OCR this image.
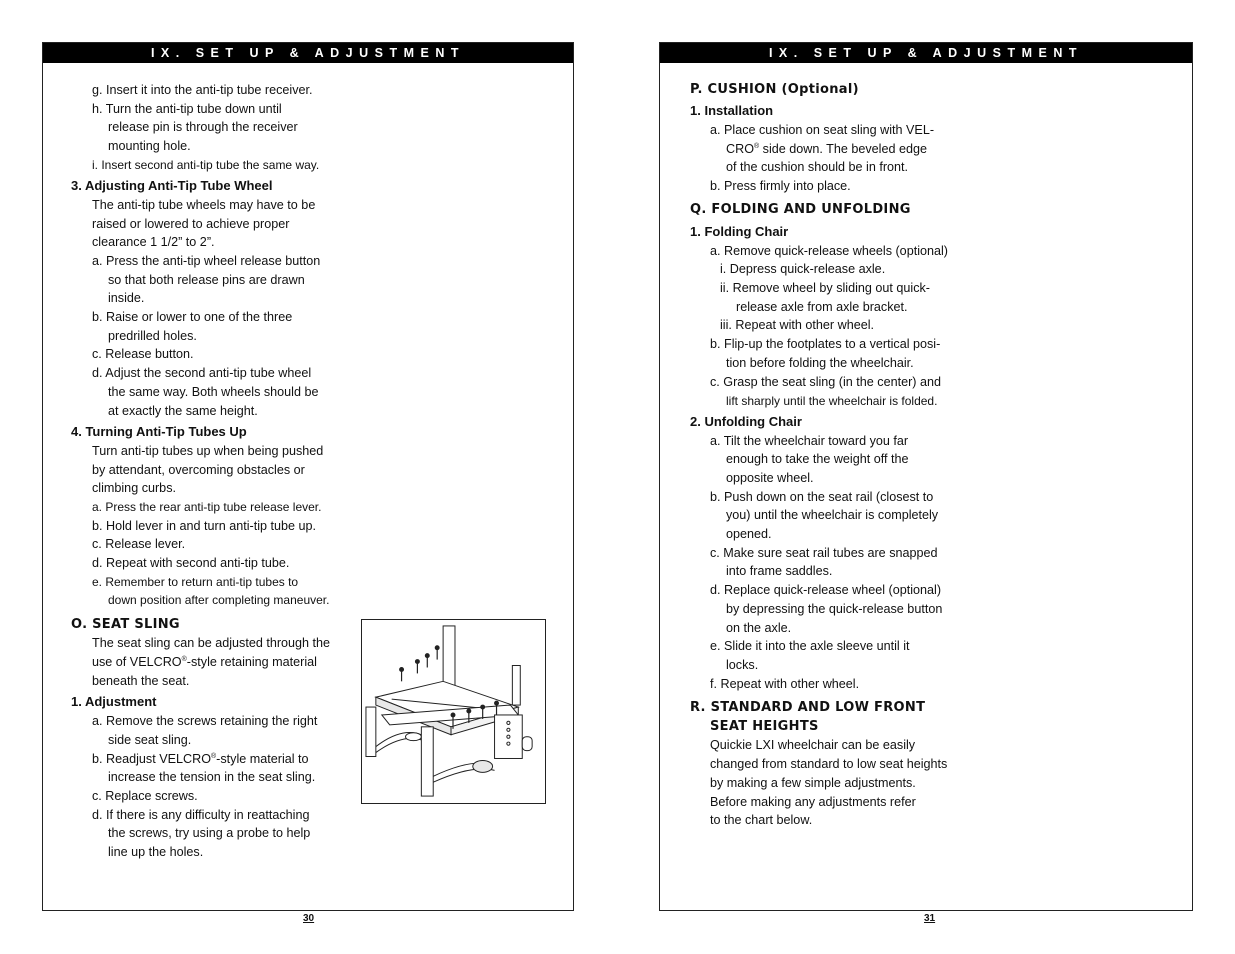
IX. SET UP & ADJUSTMENT
30
g. Insert it into the anti-tip tube receiver.
h. Turn the anti-tip tube down until
release pin is through the receiver
mounting hole.
i. Insert second anti-tip tube the same way.
3. Adjusting Anti-Tip Tube Wheel
The anti-tip tube wheels may have to be
raised or lowered to achieve proper
clearance 1 1/2” to 2”.
a. Press the anti-tip wheel release button
so that both release pins are drawn
inside.
b. Raise or lower to one of the three
predrilled holes.
c. Release button.
d. Adjust the second anti-tip tube wheel
the same way. Both wheels should be
at exactly the same height.
4. Turning Anti-Tip Tubes Up
Turn anti-tip tubes up when being pushed
by attendant, overcoming obstacles or
climbing curbs.
a. Press the rear anti-tip tube release lever.
b. Hold lever in and turn anti-tip tube up.
c. Release lever.
d. Repeat with second anti-tip tube.
e. Remember to return anti-tip tubes to
down position after completing maneuver.
O. SEAT SLING
The seat sling can be adjusted through the
use of VELCRO®-style retaining material
beneath the seat.
1. Adjustment
a. Remove the screws retaining the right
side seat sling.
b. Readjust VELCRO®-style material to
increase the tension in the seat sling.
c. Replace screws.
d. If there is any difficulty in reattaching
the screws, try using a probe to help
line up the holes.
IX. SET UP & ADJUSTMENT
31
P. CUSHION (Optional)
1. Installation
a. Place cushion on seat sling with VEL-
CRO® side down. The beveled edge
of the cushion should be in front.
b. Press firmly into place.
Q. FOLDING AND UNFOLDING
1. Folding Chair
a. Remove quick-release wheels (optional)
i. Depress quick-release axle.
ii. Remove wheel by sliding out quick-
release axle from axle bracket.
iii. Repeat with other wheel.
b. Flip-up the footplates to a vertical posi-
tion before folding the wheelchair.
c. Grasp the seat sling (in the center) and
lift sharply until the wheelchair is folded.
2. Unfolding Chair
a. Tilt the wheelchair toward you far
enough to take the weight off the
opposite wheel.
b. Push down on the seat rail (closest to
you) until the wheelchair is completely
opened.
c. Make sure seat rail tubes are snapped
into frame saddles.
d. Replace quick-release wheel (optional)
by depressing the quick-release button
on the axle.
e. Slide it into the axle sleeve until it
locks.
f. Repeat with other wheel.
R. STANDARD AND LOW FRONT
SEAT HEIGHTS
Quickie LXI wheelchair can be easily
changed from standard to low seat heights
by making a few simple adjustments.
Before making any adjustments refer
to the chart below.
